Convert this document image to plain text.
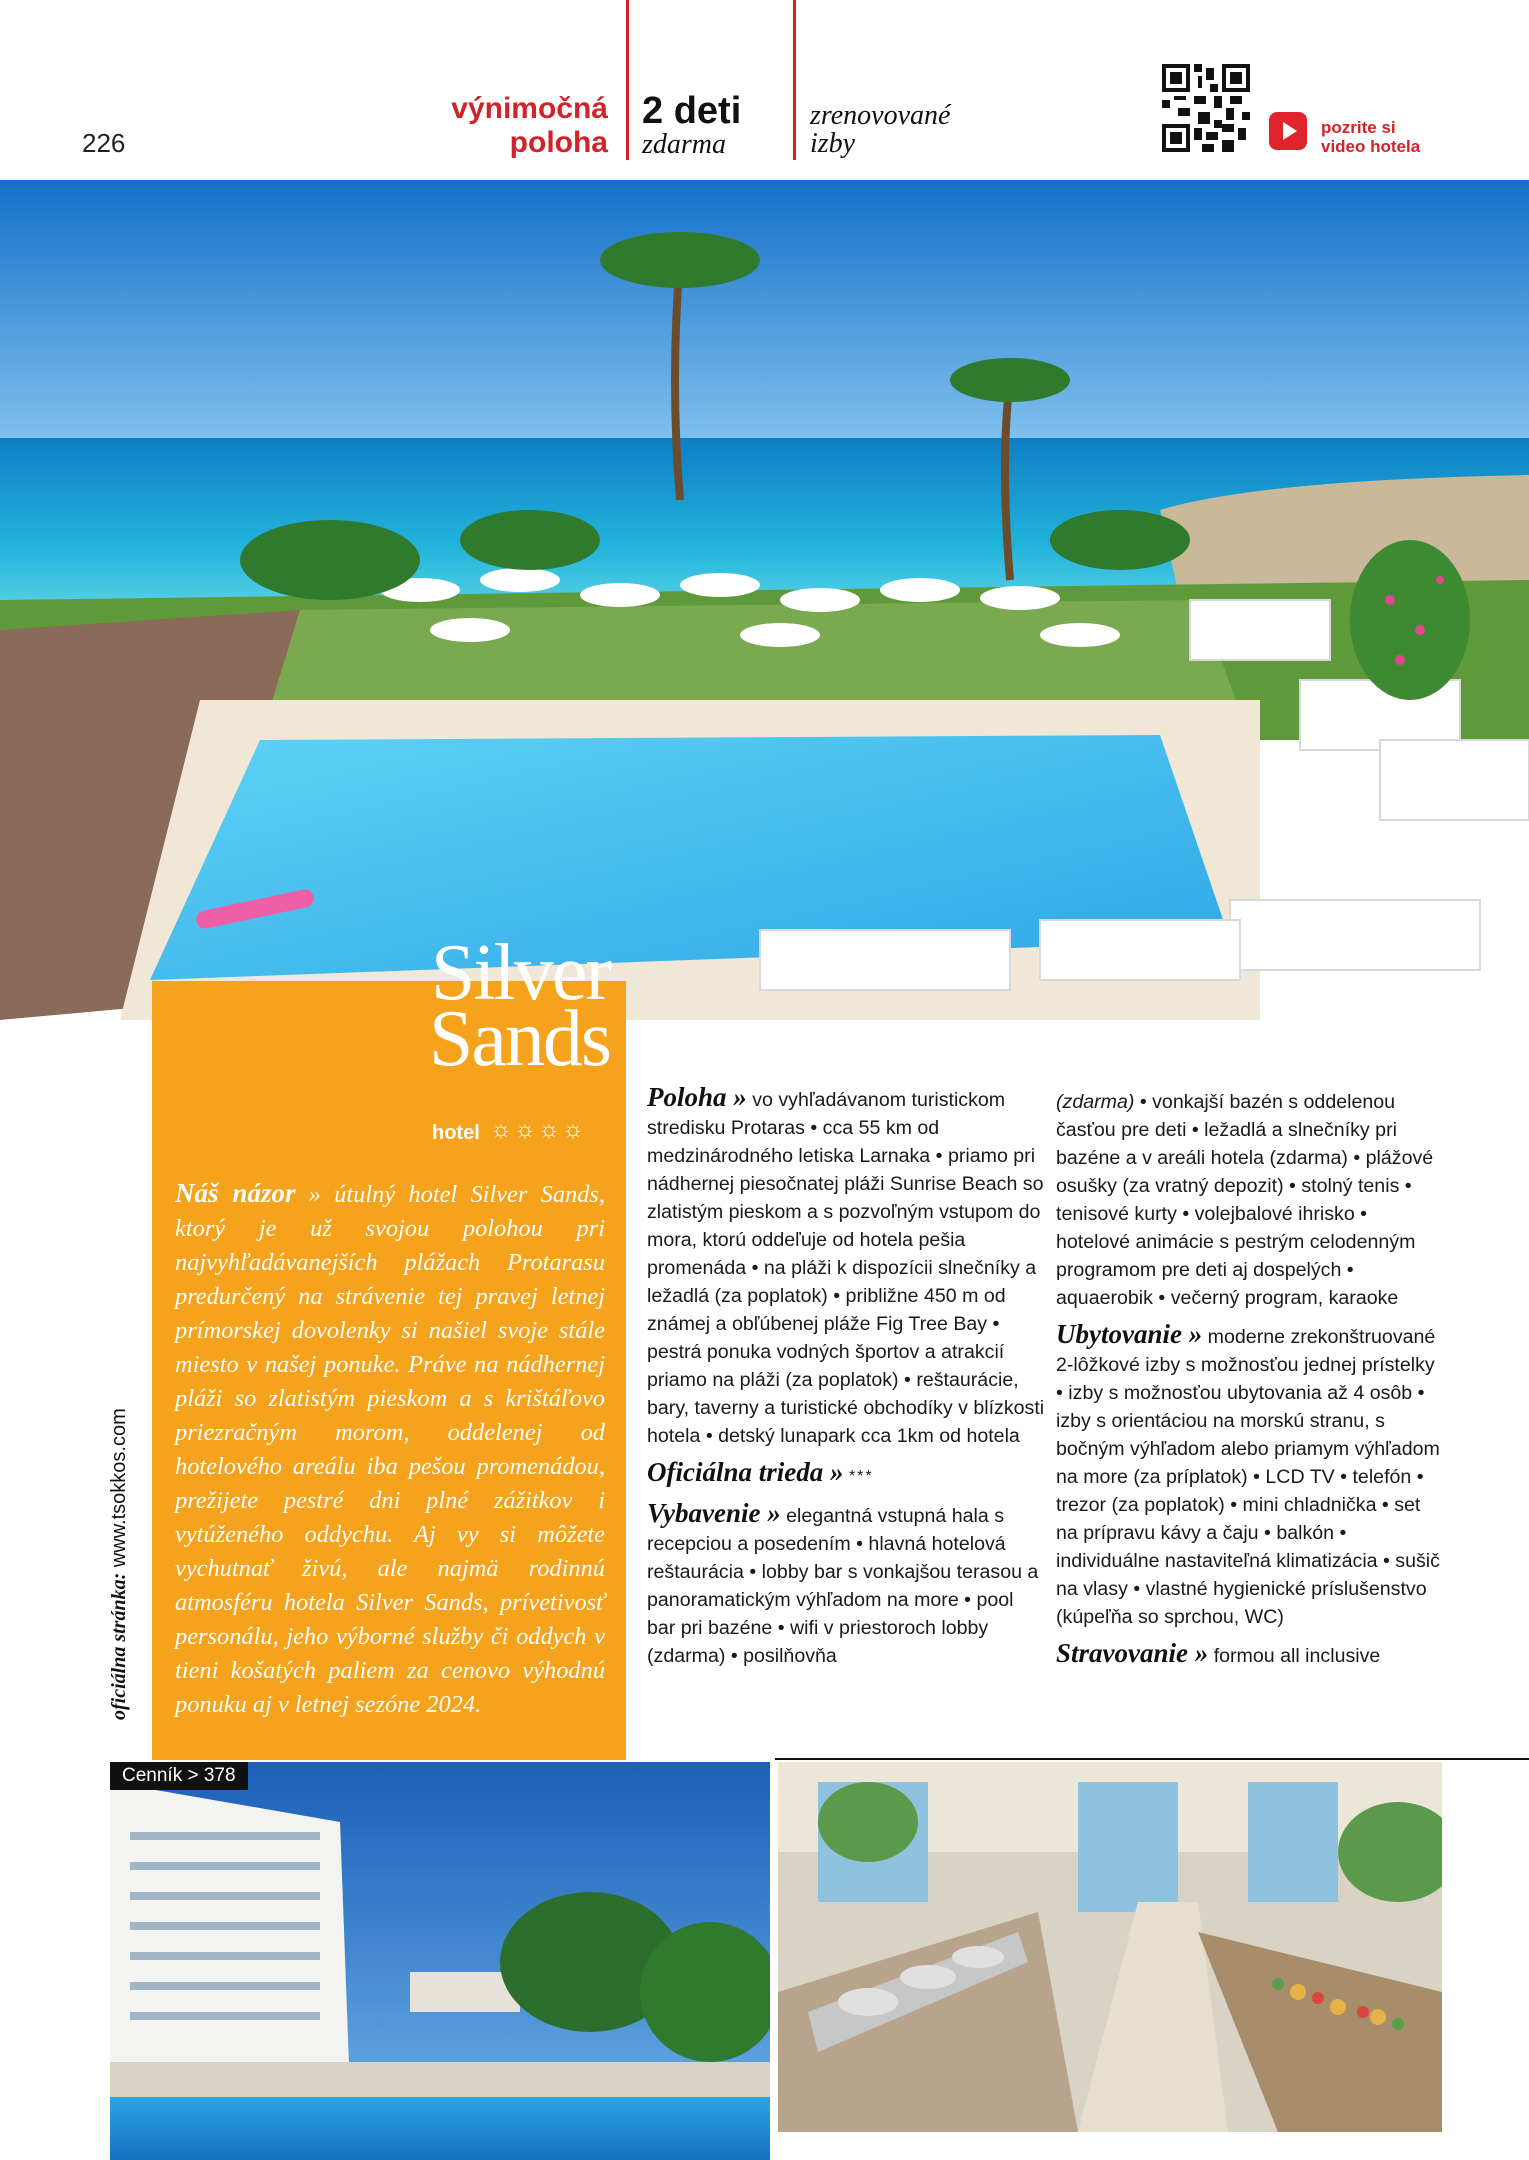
226
výnimočná
poloha
2 deti
zdarma
zrenovované
izby
pozrite si
video hotela
Silver
Sands
hotel ☼☼☼☼
Náš názor » útulný hotel Silver Sands, ktorý je už svojou polohou pri najvyhľadávanejších plážach Protarasu predurčený na strávenie tej pravej letnej prímorskej dovolenky si našiel svoje stále miesto v našej ponuke. Práve na nádhernej pláži so zlatistým pieskom a s krištáľovo priezračným morom, oddelenej od hotelového areálu iba pešou promenádou, prežijete pestré dni plné zážitkov i vytúženého oddychu. Aj vy si môžete vychutnať živú, ale najmä rodinnú atmosféru hotela Silver Sands, prívetivosť personálu, jeho výborné služby či oddych v tieni košatých paliem za cenovo výhodnú ponuku aj v letnej sezóne 2024.
oficiálna stránka: www.tsokkos.com

Poloha » vo vyhľadávanom turistickom stredisku Protaras • cca 55 km od medzinárodného letiska Larnaka • priamo pri nádhernej piesočnatej pláži Sunrise Beach so zlatistým pieskom a s pozvoľným vstupom do mora, ktorú oddeľuje od hotela pešia promenáda • na pláži k dispozícii slnečníky a ležadlá (za poplatok) • približne 450 m od známej a obľúbenej pláže Fig Tree Bay • pestrá ponuka vodných športov a atrakcií priamo na pláži (za poplatok) • reštaurácie, bary, taverny a turistické obchodíky v blízkosti hotela • detský lunapark cca 1km od hotela

Oficiálna trieda » ***

Vybavenie » elegantná vstupná hala s recepciou a posedením • hlavná hotelová reštaurácia • lobby bar s vonkajšou terasou a panoramatickým výhľadom na more • pool bar pri bazéne • wifi v priestoroch lobby (zdarma) • posilňovňa

(zdarma) • vonkajší bazén s oddelenou časťou pre deti • ležadlá a slnečníky pri bazéne a v areáli hotela (zdarma) • plážové osušky (za vratný depozit) • stolný tenis • tenisové kurty • volejbalové ihrisko • hotelové animácie s pestrým celodenným programom pre deti aj dospelých • aquaerobik • večerný program, karaoke

Ubytovanie » moderne zrekonštruované 2-lôžkové izby s možnosťou jednej prístelky • izby s možnosťou ubytovania až 4 osôb • izby s orientáciou na morskú stranu, s bočným výhľadom alebo priamym výhľadom na more (za príplatok) • LCD TV • telefón • trezor (za poplatok) • mini chladnička • set na prípravu kávy a čaju • balkón • individuálne nastaviteľná klimatizácia • sušič na vlasy • vlastné hygienické príslušenstvo (kúpeľňa so sprchou, WC)

Stravovanie » formou all inclusive

Cenník > 378
